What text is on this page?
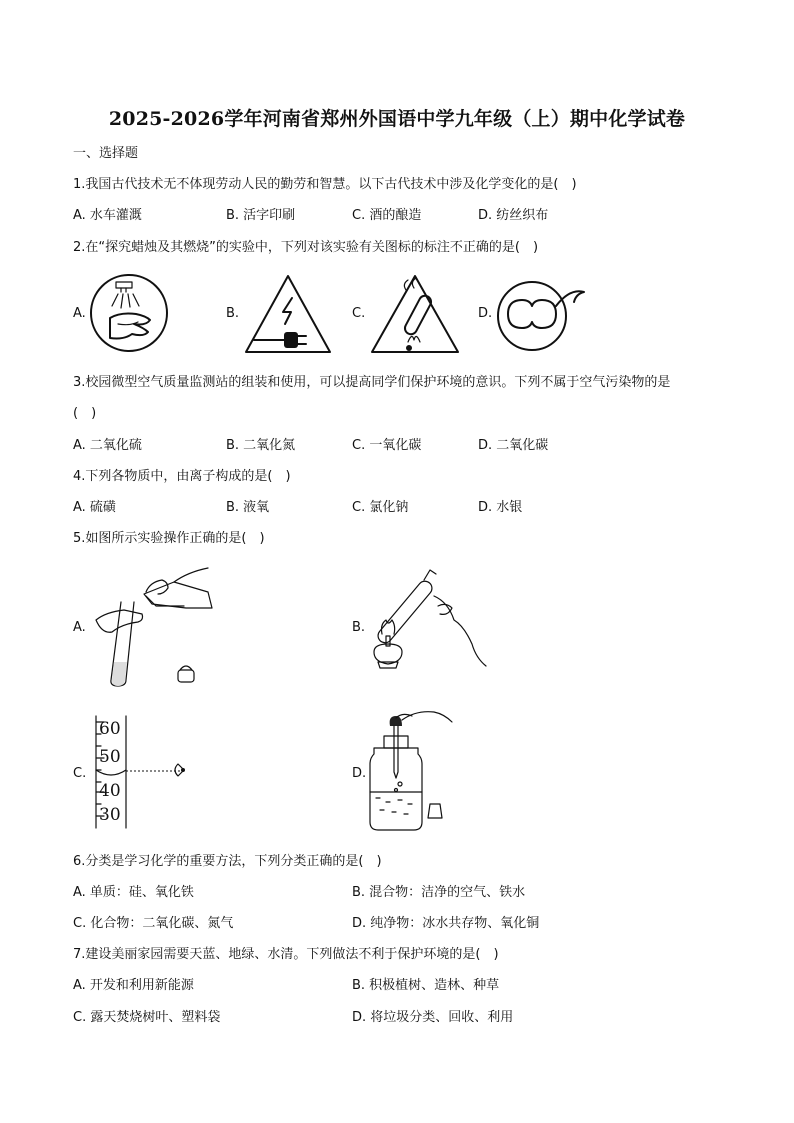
2025-2026学年河南省郑州外国语中学九年级（上）期中化学试卷
一、选择题
1.我国古代技术无不体现劳动人民的勤劳和智慧。以下古代技术中涉及化学变化的是(　)
A. 水车灌溉	B. 活字印刷	C. 酒的酿造	D. 纺丝织布
2.在“探究蜡烛及其燃烧”的实验中，下列对该实验有关图标的标注不正确的是(　)
A.	B.	C.	D.
3.校园微型空气质量监测站的组装和使用，可以提高同学们保护环境的意识。下列不属于空气污染物的是
(　)
A. 二氧化硫	B. 二氧化氮	C. 一氧化碳	D. 二氧化碳
4.下列各物质中，由离子构成的是(　)
A. 硫磺	B. 液氧	C. 氯化钠	D. 水银
5.如图所示实验操作正确的是(　)
A.	B.
C.
60
50
40
30
D.
6.分类是学习化学的重要方法，下列分类正确的是(　)
A. 单质：硅、氧化铁	B. 混合物：洁净的空气、铁水
C. 化合物：二氧化碳、氮气	D. 纯净物：冰水共存物、氧化铜
7.建设美丽家园需要天蓝、地绿、水清。下列做法不利于保护环境的是(　)
A. 开发和利用新能源	B. 积极植树、造林、种草
C. 露天焚烧树叶、塑料袋	D. 将垃圾分类、回收、利用
